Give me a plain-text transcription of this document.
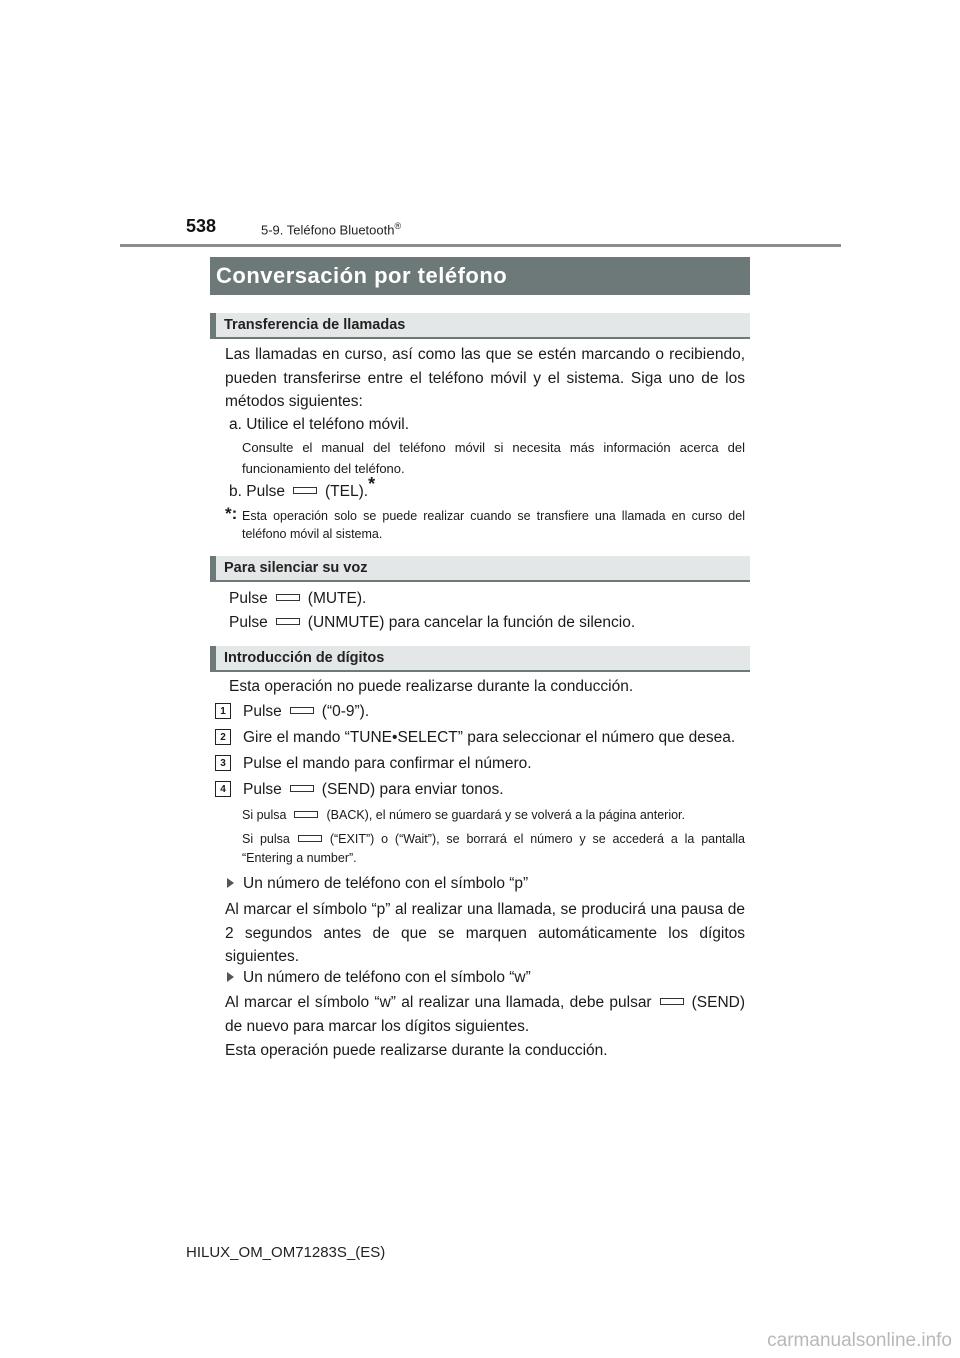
538	5-9. Teléfono Bluetooth®
Conversación por teléfono
Transferencia de llamadas
Las llamadas en curso, así como las que se estén marcando o recibiendo, pueden transferirse entre el teléfono móvil y el sistema. Siga uno de los métodos siguientes:
a. Utilice el teléfono móvil.
Consulte el manual del teléfono móvil si necesita más información acerca del funcionamiento del teléfono.
b. Pulse	(TEL).*
*: Esta operación solo se puede realizar cuando se transfiere una llamada en curso del teléfono móvil al sistema.
Para silenciar su voz
Pulse	(MUTE).
Pulse	(UNMUTE) para cancelar la función de silencio.
Introducción de dígitos
Esta operación no puede realizarse durante la conducción.
1	Pulse	(“0-9”).
2	Gire el mando “TUNE•SELECT” para seleccionar el número que desea.
3	Pulse el mando para confirmar el número.
4	Pulse	(SEND) para enviar tonos.
Si pulsa	(BACK), el número se guardará y se volverá a la página anterior.
Si pulsa	(“EXIT”) o (“Wait”), se borrará el número y se accederá a la pantalla “Entering a number”.
Un número de teléfono con el símbolo “p”
Al marcar el símbolo “p” al realizar una llamada, se producirá una pausa de 2 segundos antes de que se marquen automáticamente los dígitos siguientes.
Un número de teléfono con el símbolo “w”
Al marcar el símbolo “w” al realizar una llamada, debe pulsar	(SEND) de nuevo para marcar los dígitos siguientes.
Esta operación puede realizarse durante la conducción.
HILUX_OM_OM71283S_(ES)
carmanualsonline.info
